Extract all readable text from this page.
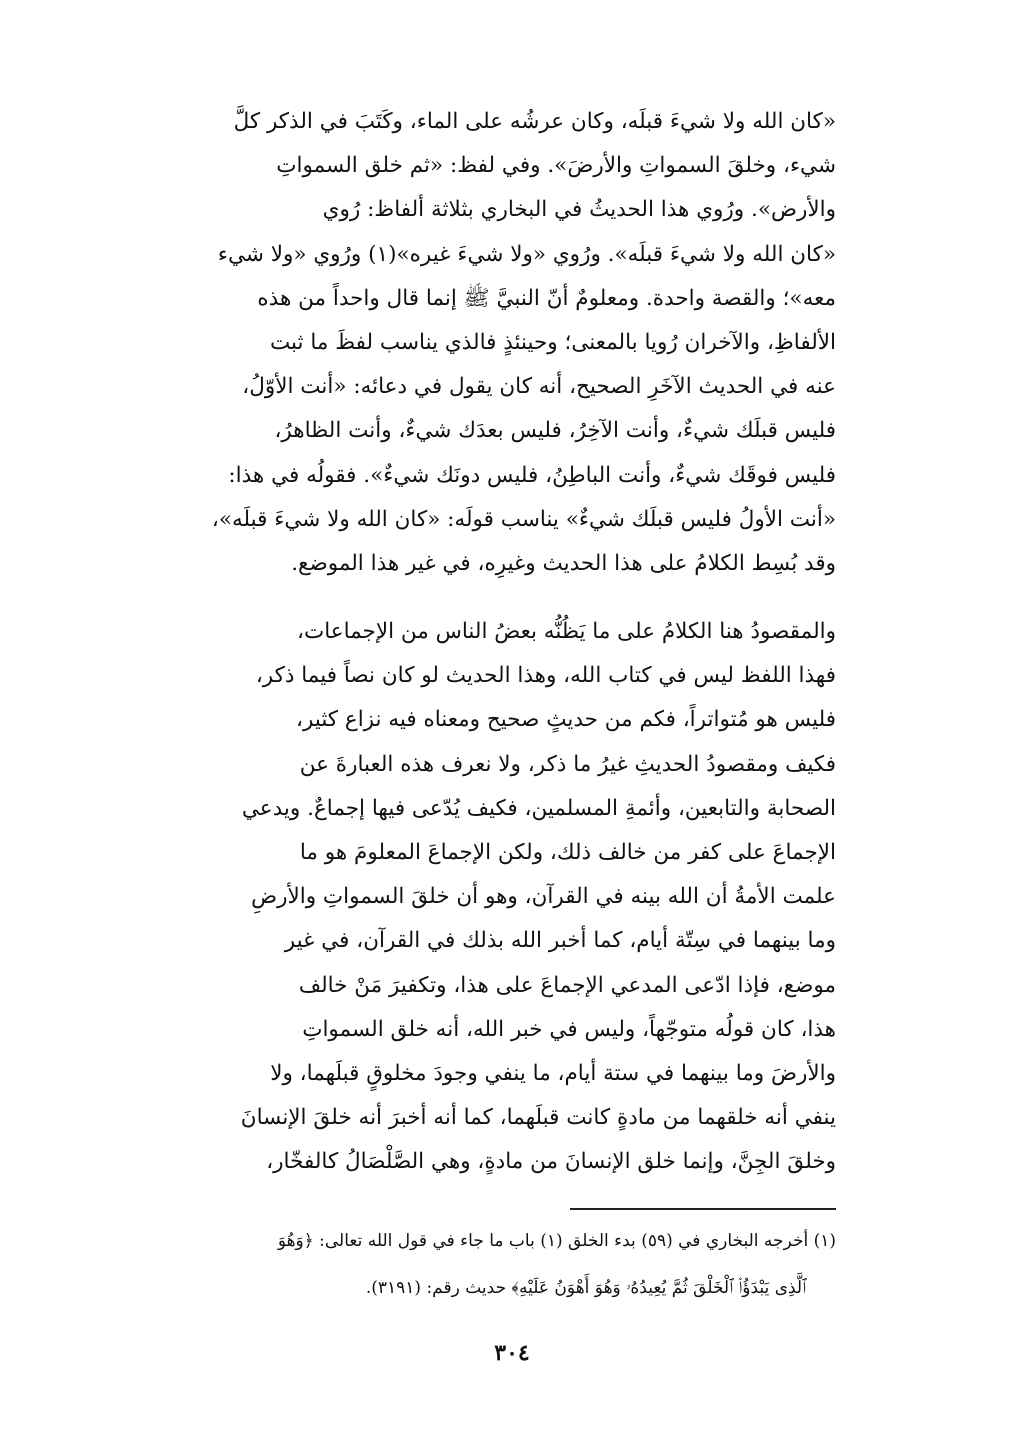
«كان الله ولا شيءَ قبلَه، وكان عرشُه على الماء، وكَتَبَ في الذكر كلَّ
شيء، وخلقَ السمواتِ والأرضَ». وفي لفظ: «ثم خلق السمواتِ
والأرض». ورُوي هذا الحديثُ في البخاري بثلاثة ألفاظ: رُوي
«كان الله ولا شيءَ قبلَه». ورُوي «ولا شيءَ غيره»(١) ورُوي «ولا شيء
معه»؛ والقصة واحدة. ومعلومٌ أنّ النبيَّ ﷺ إنما قال واحداً من هذه
الألفاظِ، والآخران رُويا بالمعنى؛ وحينئذٍ فالذي يناسب لفظَ ما ثبت
عنه في الحديث الآخَرِ الصحيح، أنه كان يقول في دعائه: «أنت الأوّلُ،
فليس قبلَك شيءٌ، وأنت الآخِرُ، فليس بعدَك شيءٌ، وأنت الظاهرُ،
فليس فوقَك شيءٌ، وأنت الباطِنُ، فليس دونَك شيءٌ». فقولُه في هذا:
«أنت الأولُ فليس قبلَك شيءٌ» يناسب قولَه: «كان الله ولا شيءَ قبلَه»،
وقد بُسِط الكلامُ على هذا الحديث وغيرِه، في غير هذا الموضع.
والمقصودُ هنا الكلامُ على ما يَظُنُّه بعضُ الناس من الإجماعات،
فهذا اللفظ ليس في كتاب الله، وهذا الحديث لو كان نصاً فيما ذكر،
فليس هو مُتواتراً، فكم من حديثٍ صحيح ومعناه فيه نزاع كثير،
فكيف ومقصودُ الحديثِ غيرُ ما ذكر، ولا نعرف هذه العبارةَ عن
الصحابة والتابعين، وأئمةِ المسلمين، فكيف يُدّعى فيها إجماعٌ. ويدعي
الإجماعَ على كفر من خالف ذلك، ولكن الإجماعَ المعلومَ هو ما
علمت الأمةُ أن الله بينه في القرآن، وهو أن خلقَ السمواتِ والأرضِ
وما بينهما في سِتّة أيام، كما أخبر الله بذلك في القرآن، في غير
موضع، فإذا ادّعى المدعي الإجماعَ على هذا، وتكفيرَ مَنْ خالف
هذا، كان قولُه متوجّهاً، وليس في خبر الله، أنه خلق السمواتِ
والأرضَ وما بينهما في ستة أيام، ما ينفي وجودَ مخلوقٍ قبلَهما، ولا
ينفي أنه خلقهما من مادةٍ كانت قبلَهما، كما أنه أخبرَ أنه خلقَ الإنسانَ
وخلقَ الجِنَّ، وإنما خلق الإنسانَ من مادةٍ، وهي الصَّلْصَالُ كالفخّار،
(١) أخرجه البخاري في (٥٩) بدء الخلق (١) باب ما جاء في قول الله تعالى: ﴿وَهُوَ
ٱلَّذِى يَبْدَؤُا۟ ٱلْخَلْقَ ثُمَّ يُعِيدُهُۥ وَهُوَ أَهْوَنُ عَلَيْهِ﴾ حديث رقم: (٣١٩١).
٣٠٤
